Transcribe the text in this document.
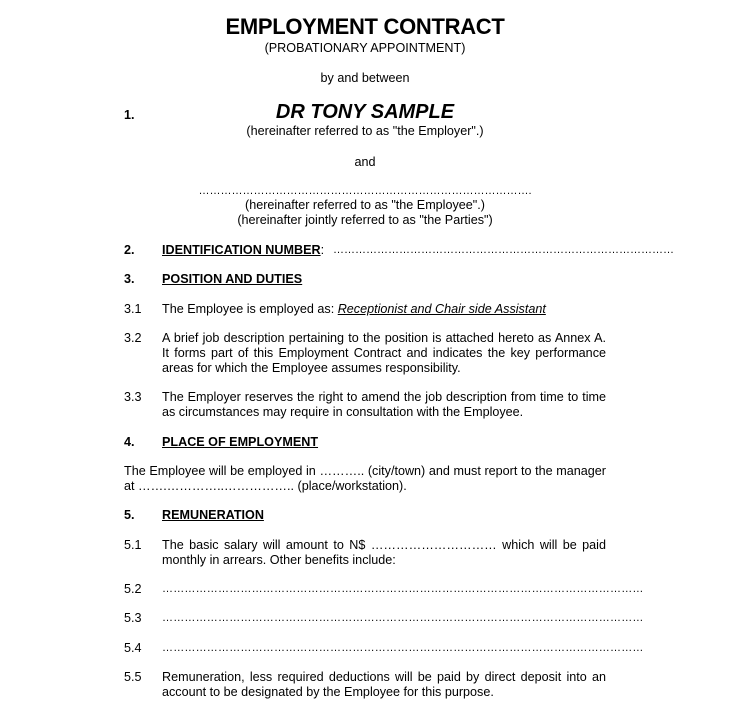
EMPLOYMENT CONTRACT
(PROBATIONARY APPOINTMENT)
by and between
1.	DR TONY SAMPLE
(hereinafter referred to as "the Employer".)
and
……………………………………………………………………………….
(hereinafter referred to as "the Employee".)
(hereinafter jointly referred to as "the Parties")
2. IDENTIFICATION NUMBER: …………………………………………………………………………………
3. POSITION AND DUTIES
3.1 The Employee is employed as: Receptionist and Chair side Assistant
3.2 A brief job description pertaining to the position is attached hereto as Annex A. It forms part of this Employment Contract and indicates the key performance areas for which the Employee assumes responsibility.
3.3 The Employer reserves the right to amend the job description from time to time as circumstances may require in consultation with the Employee.
4. PLACE OF EMPLOYMENT
The Employee will be employed in ……….. (city/town) and must report to the manager at …….…………..…………….. (place/workstation).
5. REMUNERATION
5.1 The basic salary will amount to N$ ………………………… which will be paid monthly in arrears. Other benefits include:
5.2 …………………………………………………………………………………………………………………
5.3 …………………………………………………………………………………………………………………
5.4 …………………………………………………………………………………………………………………
5.5 Remuneration, less required deductions will be paid by direct deposit into an account to be designated by the Employee for this purpose.
